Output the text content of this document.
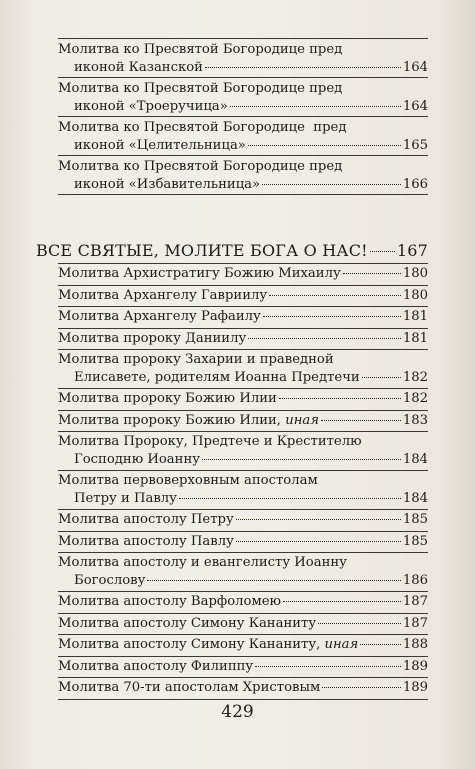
Молитва ко Пресвятой Богородице пред
иконой Казанской	164
Молитва ко Пресвятой Богородице пред
иконой «Троеручица»	164
Молитва ко Пресвятой Богородице  пред
иконой «Целительница»	165
Молитва ко Пресвятой Богородице пред
иконой «Избавительница»	166
ВСЕ СВЯТЫЕ, МОЛИТЕ БОГА О НАС! 167
Молитва Архистратигу Божию Михаилу	180
Молитва Архангелу Гавриилу	180
Молитва Архангелу Рафаилу	181
Молитва пророку Даниилу	181
Молитва пророку Захарии и праведной
Елисавете, родителям Иоанна Предтечи	182
Молитва пророку Божию Илии	182
Молитва пророку Божию Илии,
иная	183
Молитва Пророку, Предтече и Крестителю
Господню Иоанну	184
Молитва первоверховным апостолам
Петру и Павлу	184
Молитва апостолу Петру	185
Молитва апостолу Павлу	185
Молитва апостолу и евангелисту Иоанну
Богослову	186
Молитва апостолу Варфоломею	187
Молитва апостолу Симону Кананиту	187
Молитва апостолу Симону Кананиту,
иная	188
Молитва апостолу Филиппу	189
Молитва 70-ти апостолам Христовым	189
429
